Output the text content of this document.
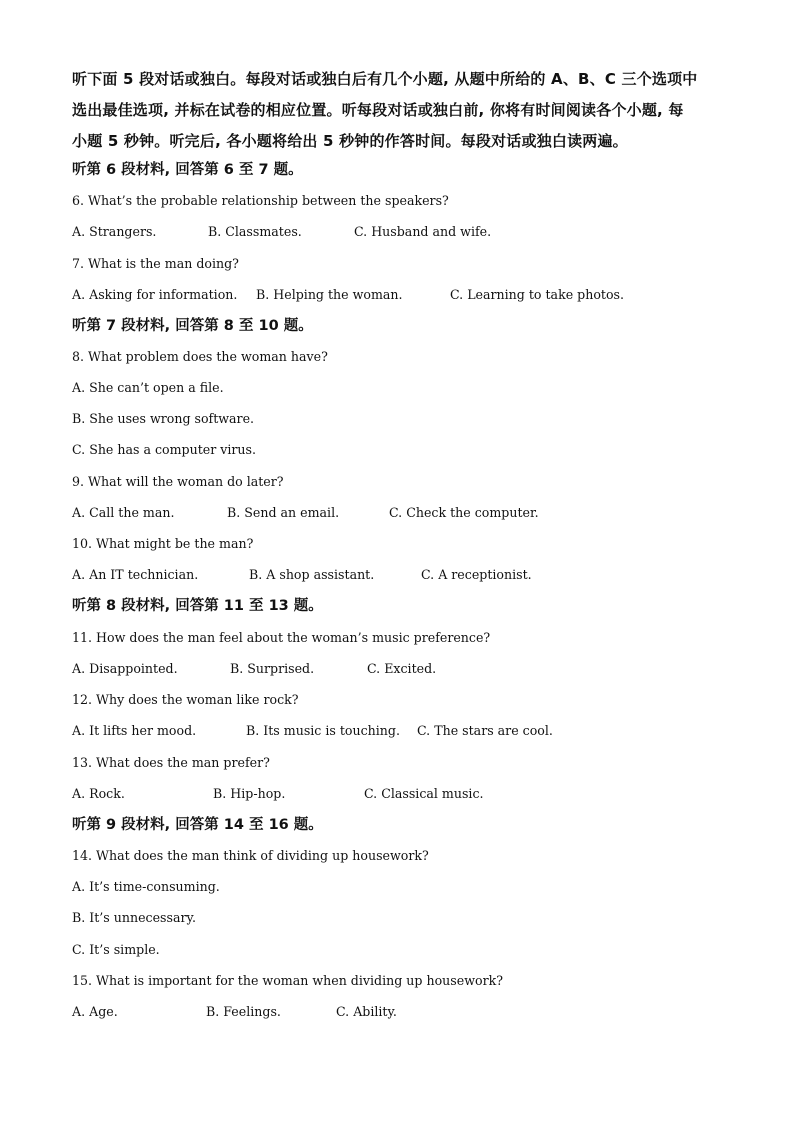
听下面 5 段对话或独白。每段对话或独白后有几个小题, 从题中所给的 A、B、C 三个选项中
选出最佳选项, 并标在试卷的相应位置。听每段对话或独白前, 你将有时间阅读各个小题, 每
小题 5 秒钟。听完后, 各小题将给出 5 秒钟的作答时间。每段对话或独白读两遍。
听第 6 段材料, 回答第 6 至 7 题。
6. What’s the probable relationship between the speakers?
A. Strangers.	B. Classmates.	C. Husband and wife.
7. What is the man doing?
A. Asking for information. B. Helping the woman.	C. Learning to take photos.
听第 7 段材料, 回答第 8 至 10 题。
8. What problem does the woman have?
A. She can’t open a file.
B. She uses wrong software.
C. She has a computer virus.
9. What will the woman do later?
A. Call the man.	B. Send an email.	C. Check the computer.
10. What might be the man?
A. An IT technician.	B. A shop assistant.	C. A receptionist.
听第 8 段材料, 回答第 11 至 13 题。
11. How does the man feel about the woman’s music preference?
A. Disappointed.	B. Surprised.	C. Excited.
12. Why does the woman like rock?
A. It lifts her mood.	B. Its music is touching. C. The stars are cool.
13. What does the man prefer?
A. Rock.	B. Hip-hop.	C. Classical music.
听第 9 段材料, 回答第 14 至 16 题。
14. What does the man think of dividing up housework?
A. It’s time-consuming.
B. It’s unnecessary.
C. It’s simple.
15. What is important for the woman when dividing up housework?
A. Age.	B. Feelings.	C. Ability.
